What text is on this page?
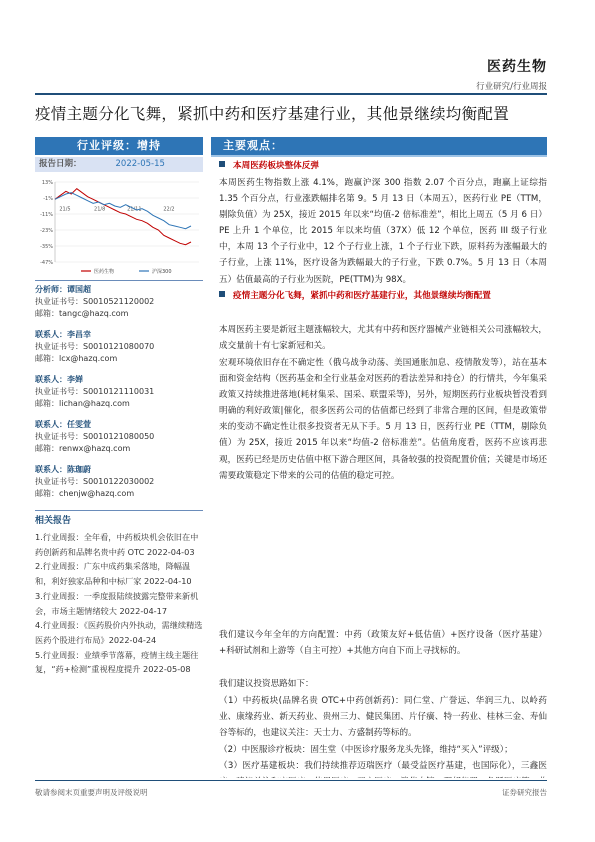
医药生物
行业研究/行业周报
疫情主题分化飞舞，紧抓中药和医疗基建行业，其他景继续均衡配置
行业评级：增持
报告日期：	2022-05-15
13%
-1%
-11%
-23%
-35%
-47%
21/5	21/8	21/11	22/2
医药生物	沪深300
分析师：谭国超
执业证书号：S0010521120002
邮箱：tangc@hazq.com
联系人：李昌幸
执业证书号：S0010121080070
邮箱：lcx@hazq.com
联系人：李婵
执业证书号：S0010121110031
邮箱：lichan@hazq.com
联系人：任雯萱
执业证书号：S0010121080050
邮箱：renwx@hazq.com
联系人：陈珈蔚
执业证书号：S0010122030002
邮箱：chenjw@hazq.com
相关报告
1.行业周报：全年看，中药板块机会依旧在中药创新药和品牌名贵中药 OTC 2022-04-03
2.行业周报：广东中成药集采落地，降幅温和，利好独家品种和中标厂家 2022-04-10
3.行业周报：一季度报陆续披露完整带来新机会，市场主题情绪较大 2022-04-17
4.行业周报：《医药股价内外执动，需继续精选医药个股进行布局》2022-04-24
5.行业周报：业绩季节落幕，疫情主线主题往复，“药+检测”重视程度提升 2022-05-08
主要观点：
本周医药板块整体反弹
本周医药生物指数上涨 4.1%，跑赢沪深 300 指数 2.07 个百分点，跑赢上证综指 1.35 个百分点，行业涨跌幅排名第 9。5 月 13 日（本周五），医药行业 PE（TTM，剔除负值）为 25X，接近 2015 年以来“均值-2 倍标准差”，相比上周五（5 月 6 日）PE 上升 1 个单位，比 2015 年以来均值（37X）低 12 个单位，医药 III 级子行业中，本周 13 个子行业中，12 个子行业上涨，1 个子行业下跌，原料药为涨幅最大的子行业，上涨 11%，医疗设备为跌幅最大的子行业，下跌 0.7%。5 月 13 日（本周五）估值最高的子行业为医院，PE(TTM)为 98X。
疫情主题分化飞舞，紧抓中药和医疗基建行业，其他景继续均衡配置
本周医药主要是新冠主题涨幅较大，尤其有中药和医疗器械产业链相关公司涨幅较大，成交量前十有七家新冠和关。
宏观环境依旧存在不确定性（俄乌战争动荡、美国通胀加息、疫情散发等），站在基本面和资金结构（医药基金和全行业基金对医药的看法差异和持仓）的行情共，今年集采政策又持续推进落地(耗材集采、国采、联盟采等)，另外，短期医药行业板块暂没看到明确的利好政策|催化，很多医药公司的估值都已经到了非常合理的区间，但是政策带来的变动不确定性让很多投资者无从下手。5 月 13 日，医药行业 PE（TTM，剔除负值）为 25X，接近 2015 年以来“均值-2 倍标准差”。估值角度看，医药不应该再悲观，医药已经是历史估值中枢下游合理区间，具备较强的投资配置价值；关键是市场还需要政策稳定下带来的公司的估值的稳定可控。
我们建议今年全年的方向配置：中药（政策友好+低估值）+医疗设备（医疗基建）+科研试剂和上游等（自主可控）+其他方向自下而上寻找标的。
我们建议投资思路如下：
（1）中药板块(品牌名贵 OTC+中药创新药)：同仁堂、广誉远、华润三九、以岭药业、康缘药业、新天药业、贵州三力、健民集团、片仔癀、特一药业、桂林三金、寿仙谷等标的，也建议关注：天士力、方盛制药等标的。
（2）中医服诊疗板块：固生堂（中医诊疗服务龙头先锋，维持“买入”评级）；
（3）医疗基建板块：我们持续推荐迈瑞医疗（最受益医疗基建，也国际化），三鑫医
敬请参阅末页重要声明及评级说明	证券研究报告
